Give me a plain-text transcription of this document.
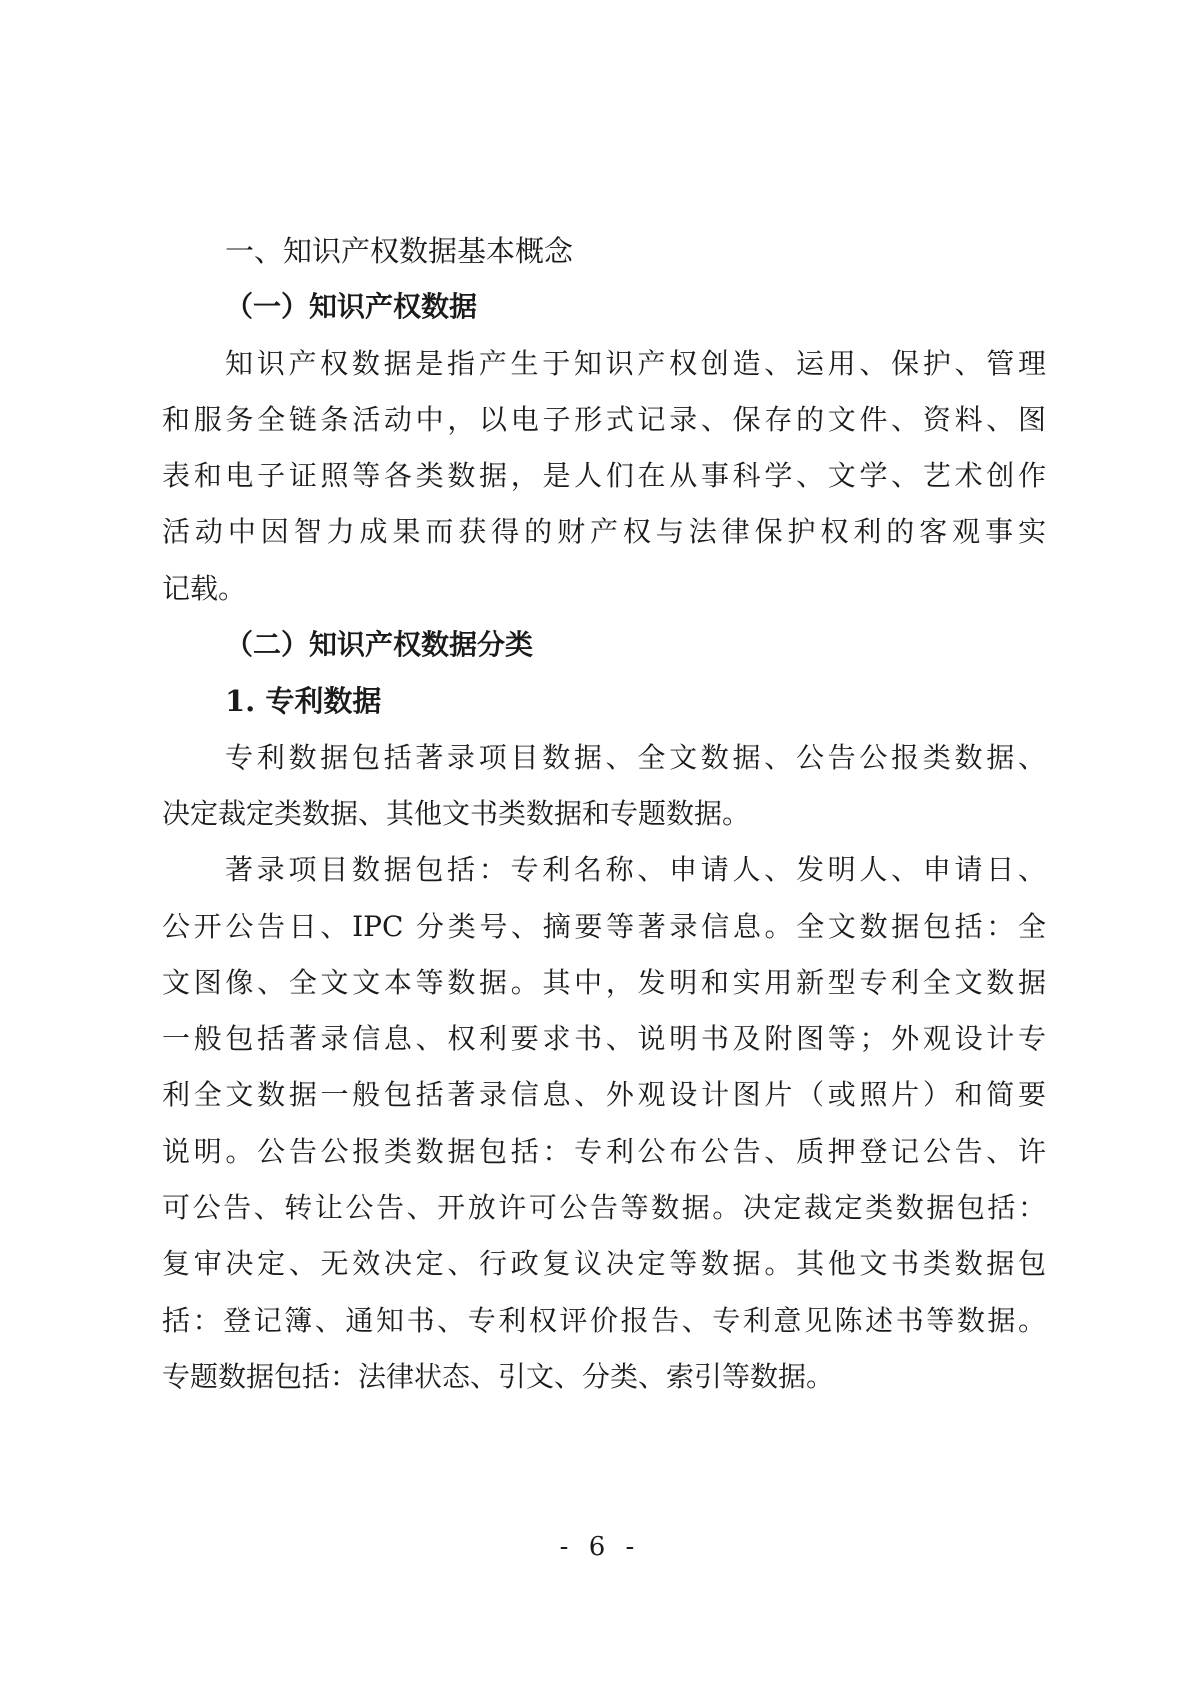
一、知识产权数据基本概念
（一）知识产权数据
知识产权数据是指产生于知识产权创造、运用、保护、管理
和服务全链条活动中，以电子形式记录、保存的文件、资料、图
表和电子证照等各类数据，是人们在从事科学、文学、艺术创作
活动中因智力成果而获得的财产权与法律保护权利的客观事实
记载。
（二）知识产权数据分类
1. 专利数据
专利数据包括著录项目数据、全文数据、公告公报类数据、
决定裁定类数据、其他文书类数据和专题数据。
著录项目数据包括：专利名称、申请人、发明人、申请日、
公开公告日、IPC 分类号、摘要等著录信息。全文数据包括：全
文图像、全文文本等数据。其中，发明和实用新型专利全文数据
一般包括著录信息、权利要求书、说明书及附图等；外观设计专
利全文数据一般包括著录信息、外观设计图片（或照片）和简要
说明。公告公报类数据包括：专利公布公告、质押登记公告、许
可公告、转让公告、开放许可公告等数据。决定裁定类数据包括：
复审决定、无效决定、行政复议决定等数据。其他文书类数据包
括：登记簿、通知书、专利权评价报告、专利意见陈述书等数据。
专题数据包括：法律状态、引文、分类、索引等数据。
- 6 -
